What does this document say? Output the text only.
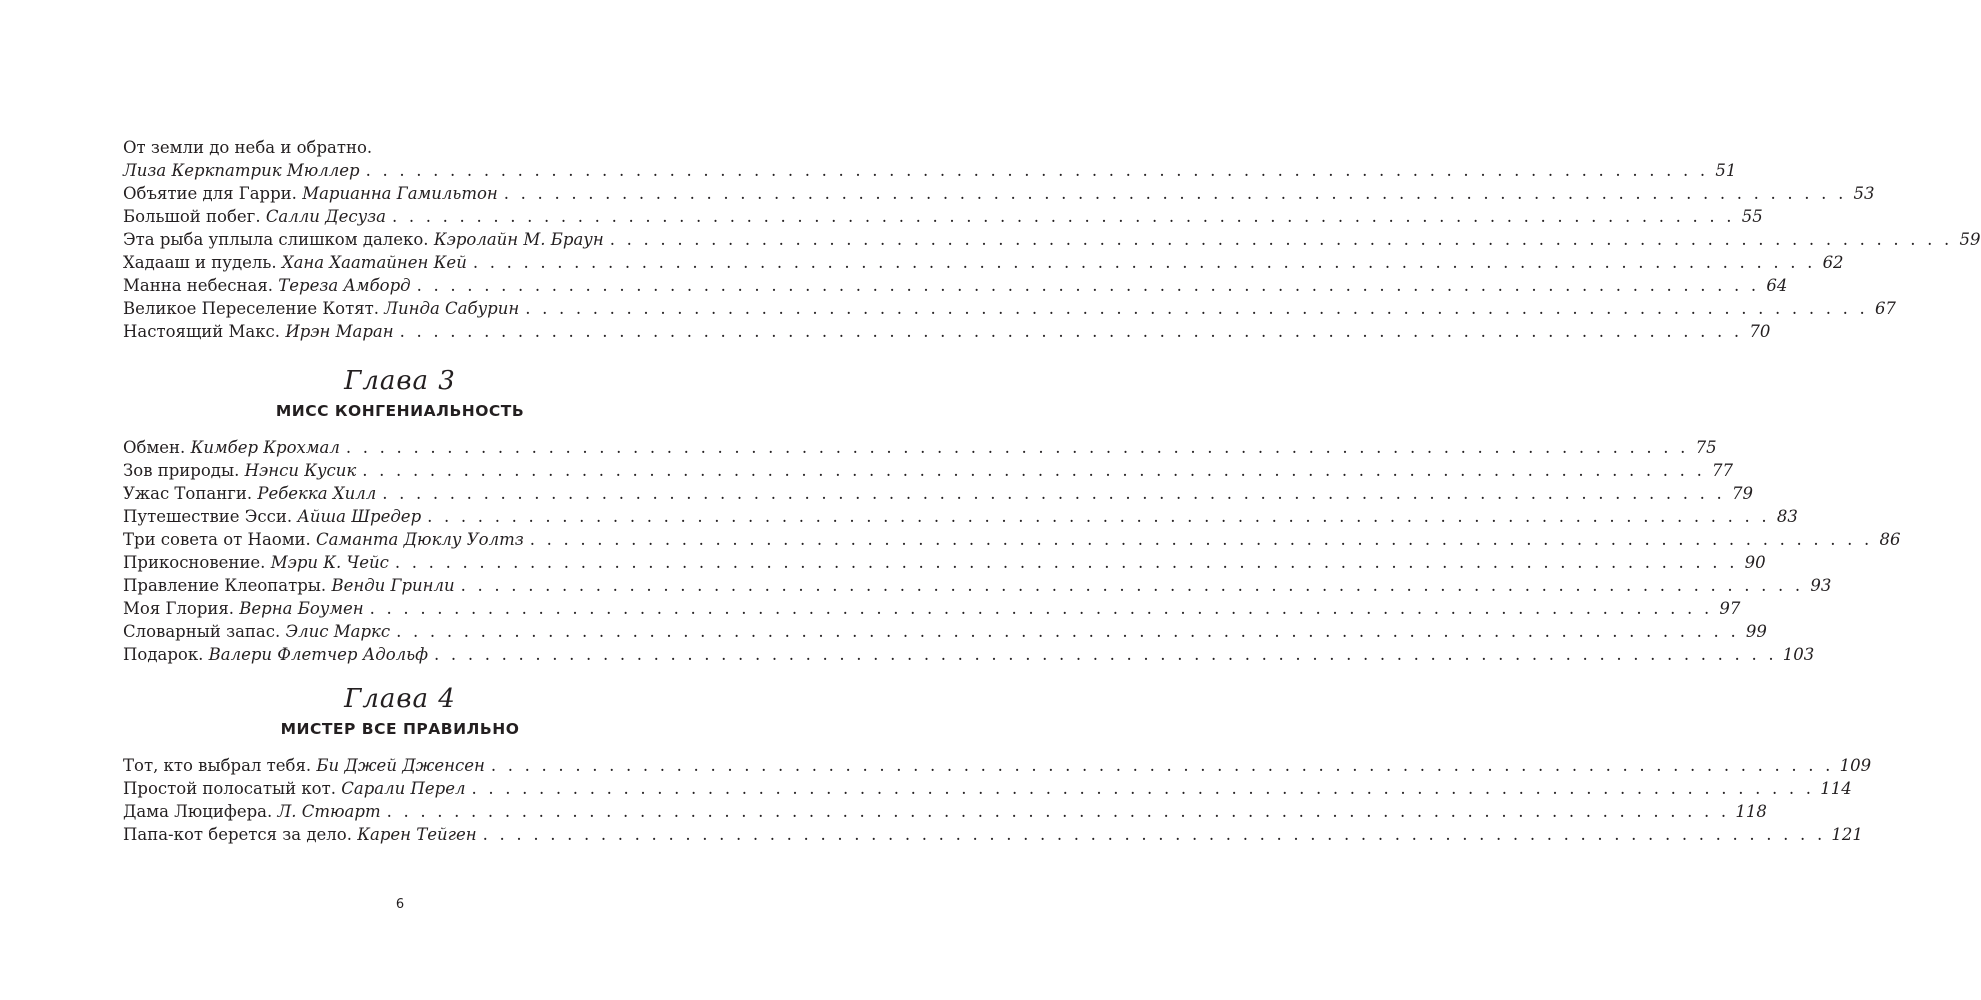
От земли до неба и обратно.
Лиза Керкпатрик Мюллер . . . . . . . . . . . . . . . . . . . . . . . . . . . . . . . . . . . . . . . . . . . . . . . . . . . . . . . . . . . . . . . . . . . . . . . . . . . . . . . . 51
Объятие для Гарри. Марианна Гамильтон . . . . . . . . . . . . . . . . . . . . . . . . . . . . . . . . . . . . . . . . . . . . . . . . . . . . . . . . . . . . . . . . . . . . . . . . . . . . . . . . 53
Большой побег. Салли Десуза . . . . . . . . . . . . . . . . . . . . . . . . . . . . . . . . . . . . . . . . . . . . . . . . . . . . . . . . . . . . . . . . . . . . . . . . . . . . . . . . 55
Эта рыба уплыла слишком далеко. Кэролайн М. Браун . . . . . . . . . . . . . . . . . . . . . . . . . . . . . . . . . . . . . . . . . . . . . . . . . . . . . . . . . . . . . . . . . . . . . . . . . . . . . . . . 59
Хадааш и пудель. Хана Хаатайнен Кей . . . . . . . . . . . . . . . . . . . . . . . . . . . . . . . . . . . . . . . . . . . . . . . . . . . . . . . . . . . . . . . . . . . . . . . . . . . . . . . . 62
Манна небесная. Тереза Амборд . . . . . . . . . . . . . . . . . . . . . . . . . . . . . . . . . . . . . . . . . . . . . . . . . . . . . . . . . . . . . . . . . . . . . . . . . . . . . . . . 64
Великое Переселение Котят. Линда Сабурин . . . . . . . . . . . . . . . . . . . . . . . . . . . . . . . . . . . . . . . . . . . . . . . . . . . . . . . . . . . . . . . . . . . . . . . . . . . . . . . . 67
Настоящий Макс. Ирэн Маран . . . . . . . . . . . . . . . . . . . . . . . . . . . . . . . . . . . . . . . . . . . . . . . . . . . . . . . . . . . . . . . . . . . . . . . . . . . . . . . . 70
Глава 3
МИСС КОНГЕНИАЛЬНОСТЬ
Обмен. Кимбер Крохмал . . . . . . . . . . . . . . . . . . . . . . . . . . . . . . . . . . . . . . . . . . . . . . . . . . . . . . . . . . . . . . . . . . . . . . . . . . . . . . . . 75
Зов природы. Нэнси Кусик . . . . . . . . . . . . . . . . . . . . . . . . . . . . . . . . . . . . . . . . . . . . . . . . . . . . . . . . . . . . . . . . . . . . . . . . . . . . . . . . 77
Ужас Топанги. Ребекка Хилл . . . . . . . . . . . . . . . . . . . . . . . . . . . . . . . . . . . . . . . . . . . . . . . . . . . . . . . . . . . . . . . . . . . . . . . . . . . . . . . . 79
Путешествие Эсси. Айша Шредер . . . . . . . . . . . . . . . . . . . . . . . . . . . . . . . . . . . . . . . . . . . . . . . . . . . . . . . . . . . . . . . . . . . . . . . . . . . . . . . . 83
Три совета от Наоми. Саманта Дюклу Уолтз . . . . . . . . . . . . . . . . . . . . . . . . . . . . . . . . . . . . . . . . . . . . . . . . . . . . . . . . . . . . . . . . . . . . . . . . . . . . . . . . 86
Прикосновение. Мэри К. Чейс . . . . . . . . . . . . . . . . . . . . . . . . . . . . . . . . . . . . . . . . . . . . . . . . . . . . . . . . . . . . . . . . . . . . . . . . . . . . . . . . 90
Правление Клеопатры. Венди Гринли . . . . . . . . . . . . . . . . . . . . . . . . . . . . . . . . . . . . . . . . . . . . . . . . . . . . . . . . . . . . . . . . . . . . . . . . . . . . . . . . 93
Моя Глория. Верна Боумен . . . . . . . . . . . . . . . . . . . . . . . . . . . . . . . . . . . . . . . . . . . . . . . . . . . . . . . . . . . . . . . . . . . . . . . . . . . . . . . . 97
Словарный запас. Элис Маркс . . . . . . . . . . . . . . . . . . . . . . . . . . . . . . . . . . . . . . . . . . . . . . . . . . . . . . . . . . . . . . . . . . . . . . . . . . . . . . . . 99
Подарок. Валери Флетчер Адольф . . . . . . . . . . . . . . . . . . . . . . . . . . . . . . . . . . . . . . . . . . . . . . . . . . . . . . . . . . . . . . . . . . . . . . . . . . . . . . . . 103
Глава 4
МИСТЕР ВСЕ ПРАВИЛЬНО
Тот, кто выбрал тебя. Би Джей Дженсен . . . . . . . . . . . . . . . . . . . . . . . . . . . . . . . . . . . . . . . . . . . . . . . . . . . . . . . . . . . . . . . . . . . . . . . . . . . . . . . . 109
Простой полосатый кот. Сарали Перел . . . . . . . . . . . . . . . . . . . . . . . . . . . . . . . . . . . . . . . . . . . . . . . . . . . . . . . . . . . . . . . . . . . . . . . . . . . . . . . . 114
Дама Люцифера. Л. Стюарт . . . . . . . . . . . . . . . . . . . . . . . . . . . . . . . . . . . . . . . . . . . . . . . . . . . . . . . . . . . . . . . . . . . . . . . . . . . . . . . . 118
Папа-кот берется за дело. Карен Тейген . . . . . . . . . . . . . . . . . . . . . . . . . . . . . . . . . . . . . . . . . . . . . . . . . . . . . . . . . . . . . . . . . . . . . . . . . . . . . . . . 121
6
